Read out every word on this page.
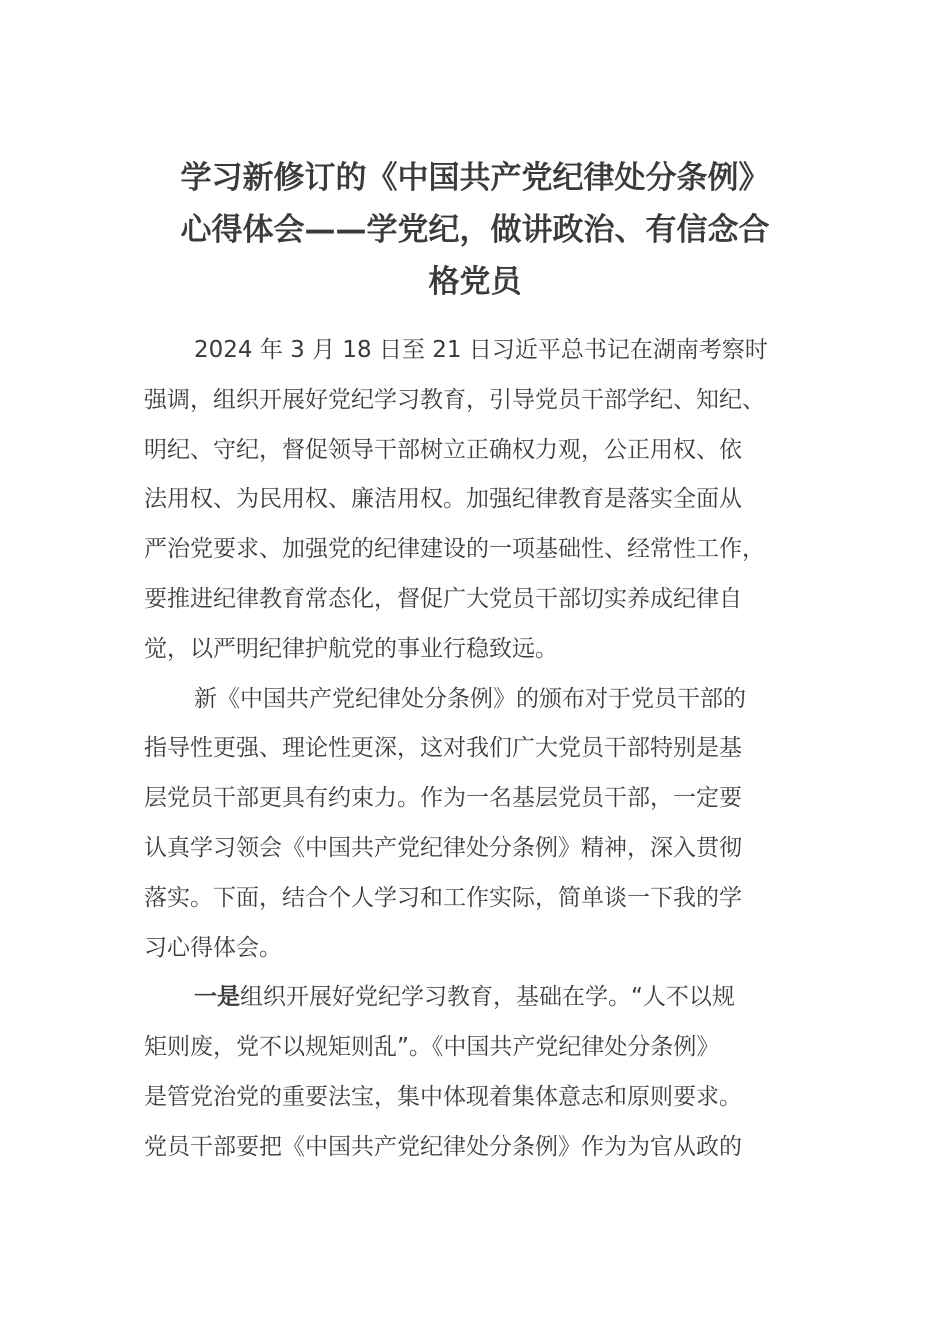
学习新修订的《中国共产党纪律处分条例》
心得体会——学党纪，做讲政治、有信念合
格党员
2024 年 3 月 18 日至 21 日习近平总书记在湖南考察时
强调，组织开展好党纪学习教育，引导党员干部学纪、知纪、
明纪、守纪，督促领导干部树立正确权力观，公正用权、依
法用权、为民用权、廉洁用权。加强纪律教育是落实全面从
严治党要求、加强党的纪律建设的一项基础性、经常性工作，
要推进纪律教育常态化，督促广大党员干部切实养成纪律自
觉，以严明纪律护航党的事业行稳致远。
新《中国共产党纪律处分条例》的颁布对于党员干部的
指导性更强、理论性更深，这对我们广大党员干部特别是基
层党员干部更具有约束力。作为一名基层党员干部，一定要
认真学习领会《中国共产党纪律处分条例》精神，深入贯彻
落实。下面，结合个人学习和工作实际，简单谈一下我的学
习心得体会。
一是组织开展好党纪学习教育，基础在学。“人不以规
矩则废，党不以规矩则乱”。《中国共产党纪律处分条例》
是管党治党的重要法宝，集中体现着集体意志和原则要求。
党员干部要把《中国共产党纪律处分条例》作为为官从政的
